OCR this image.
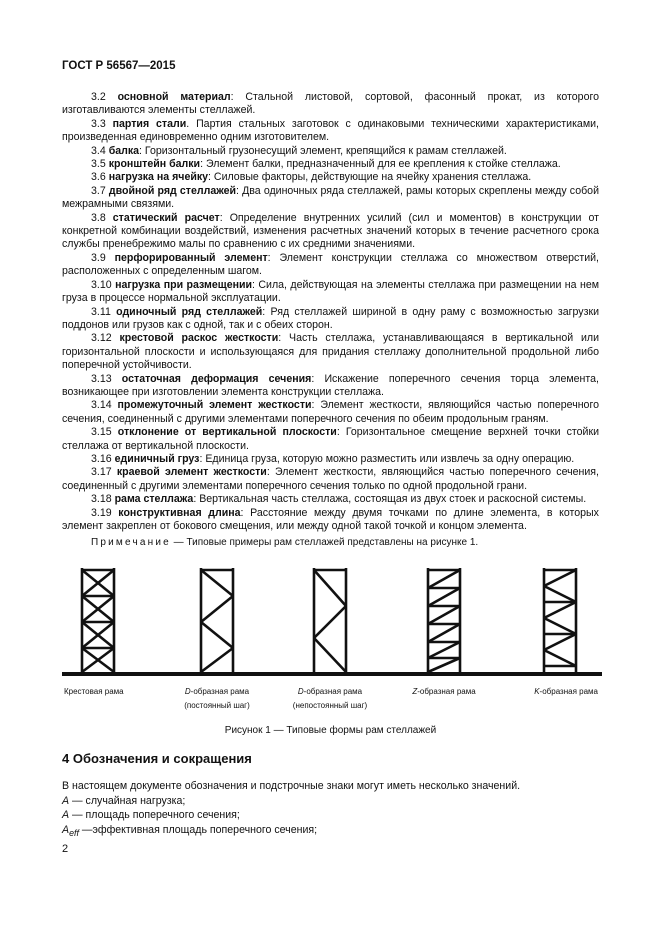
ГОСТ Р 56567—2015

3.2 основной материал: Стальной листовой, сортовой, фасонный прокат, из которого изготавливаются элементы стеллажей.

3.3 партия стали. Партия стальных заготовок с одинаковыми техническими характеристиками, произведенная единовременно одним изготовителем.

3.4 балка: Горизонтальный грузонесущий элемент, крепящийся к рамам стеллажей.

3.5 кронштейн балки: Элемент балки, предназначенный для ее крепления к стойке стеллажа.

3.6 нагрузка на ячейку: Силовые факторы, действующие на ячейку хранения стеллажа.

3.7 двойной ряд стеллажей: Два одиночных ряда стеллажей, рамы которых скреплены между собой межрамными связями.

3.8 статический расчет: Определение внутренних усилий (сил и моментов) в конструкции от конкретной комбинации воздействий, изменения расчетных значений которых в течение расчетного срока службы пренебрежимо малы по сравнению с их средними значениями.

3.9 перфорированный элемент: Элемент конструкции стеллажа со множеством отверстий, расположенных с определенным шагом.

3.10 нагрузка при размещении: Сила, действующая на элементы стеллажа при размещении на нем груза в процессе нормальной эксплуатации.

3.11 одиночный ряд стеллажей: Ряд стеллажей шириной в одну раму с возможностью загрузки поддонов или грузов как с одной, так и с обеих сторон.

3.12 крестовой раскос жесткости: Часть стеллажа, устанавливающаяся в вертикальной или горизонтальной плоскости и использующаяся для придания стеллажу дополнительной продольной либо поперечной устойчивости.

3.13 остаточная деформация сечения: Искажение поперечного сечения торца элемента, возникающее при изготовлении элемента конструкции стеллажа.

3.14 промежуточный элемент жесткости: Элемент жесткости, являющийся частью поперечного сечения, соединенный с другими элементами поперечного сечения по обеим продольным граням.

3.15 отклонение от вертикальной плоскости: Горизонтальное смещение верхней точки стойки стеллажа от вертикальной плоскости.

3.16 единичный груз: Единица груза, которую можно разместить или извлечь за одну операцию.

3.17 краевой элемент жесткости: Элемент жесткости, являющийся частью поперечного сечения, соединенный с другими элементами поперечного сечения только по одной продольной грани.

3.18 рама стеллажа: Вертикальная часть стеллажа, состоящая из двух стоек и раскосной системы.

3.19 конструктивная длина: Расстояние между двумя точками по длине элемента, в которых элемент закреплен от бокового смещения, или между одной такой точкой и концом элемента.

Примечание — Типовые примеры рам стеллажей представлены на рисунке 1.
Крестовая рама	D-образная рама
(постоянный шаг)
D-образная рама
(непостоянный шаг)
Z-образная рама	K-образная рама
Рисунок 1 — Типовые формы рам стеллажей
4 Обозначения и сокращения
В настоящем документе обозначения и подстрочные знаки могут иметь несколько значений.
A — случайная нагрузка;
A — площадь поперечного сечения;
$A_{eff}$ —эффективная площадь поперечного сечения;
2
